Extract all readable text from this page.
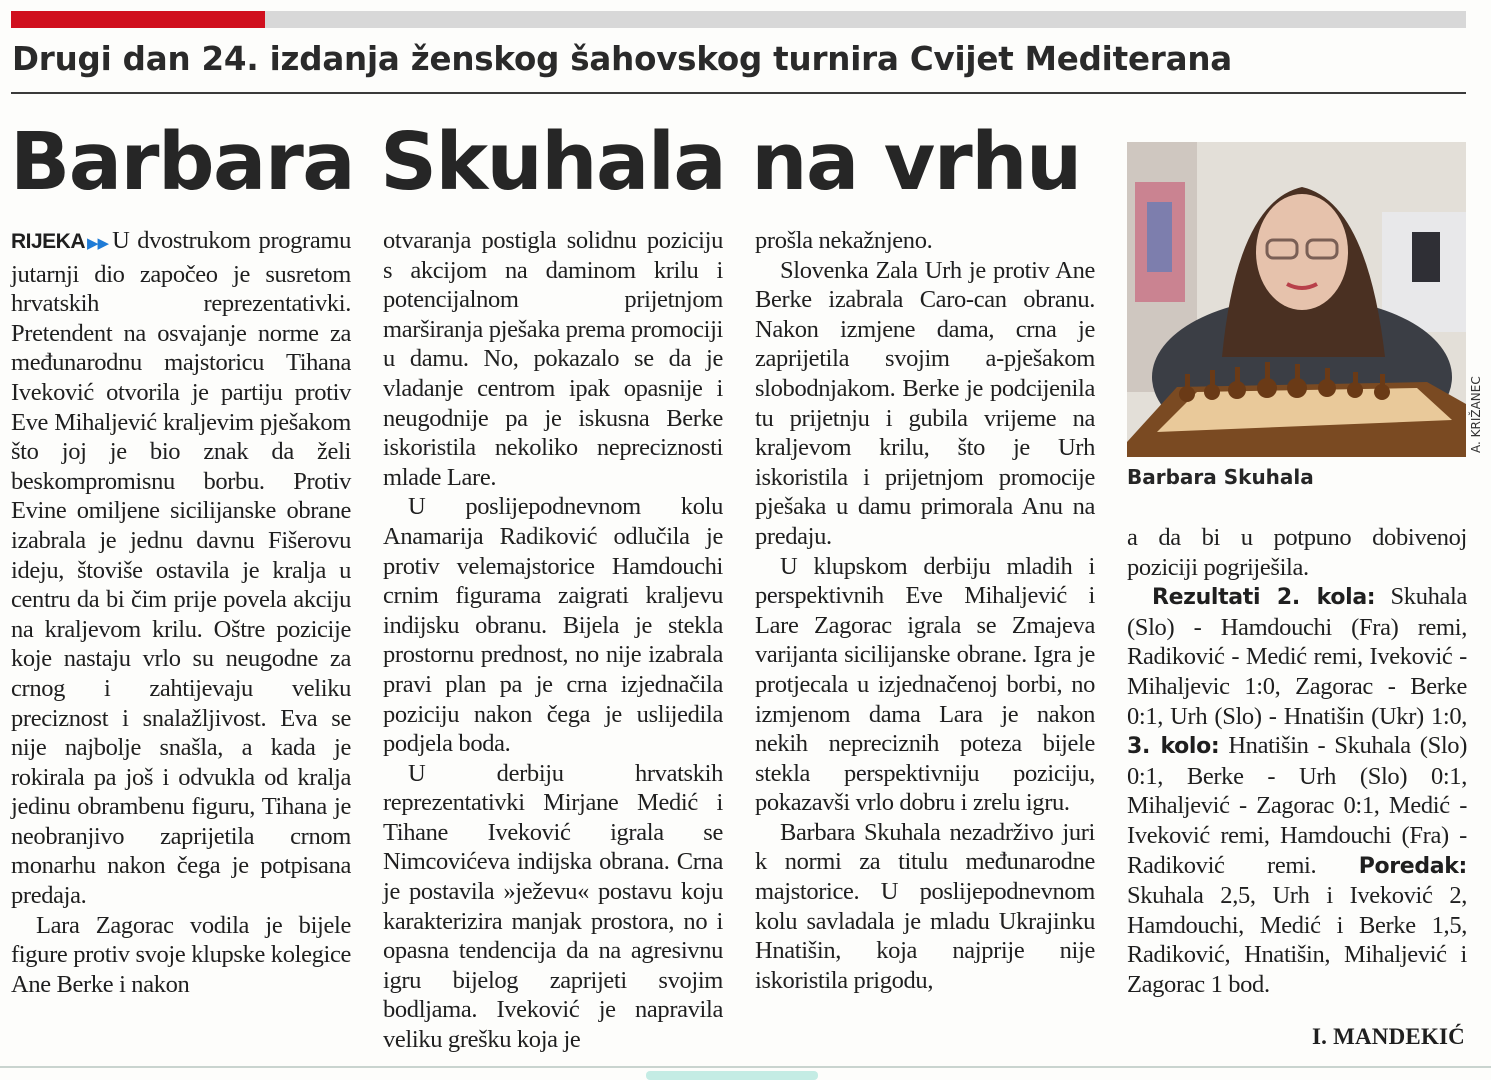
Drugi dan 24. izdanja ženskog šahovskog turnira Cvijet Mediterana
Barbara Skuhala na vrhu

RIJEKA▶▶ U dvostrukom programu jutarnji dio započeo je susretom hrvatskih reprezentativki. Pretendent na osvajanje norme za međunarodnu majstoricu Tihana Iveković otvorila je partiju protiv Eve Mihaljević kraljevim pješakom što joj je bio znak da želi beskompromisnu borbu. Protiv Evine omiljene sicilijanske obrane izabrala je jednu davnu Fišerovu ideju, štoviše ostavila je kralja u centru da bi čim prije povela akciju na kraljevom krilu. Oštre pozicije koje nastaju vrlo su neugodne za crnog i zahtijevaju veliku preciznost i snalažljivost. Eva se nije najbolje snašla, a kada je rokirala pa još i odvukla od kralja jedinu obrambenu figuru, Tihana je neobranjivo zaprijetila crnom monarhu nakon čega je potpisana predaja.

Lara Zagorac vodila je bijele figure protiv svoje klupske kolegice Ane Berke i nakon

otvaranja postigla solidnu poziciju s akcijom na daminom krilu i potencijalnom prijetnjom marširanja pješaka prema promociji u damu. No, pokazalo se da je vladanje centrom ipak opasnije i neugodnije pa je iskusna Berke iskoristila nekoliko nepreciznosti mlade Lare.

U poslijepodnevnom kolu Anamarija Radiković odlučila je protiv velemajstorice Hamdouchi crnim figurama zaigrati kraljevu indijsku obranu. Bijela je stekla prostornu prednost, no nije izabrala pravi plan pa je crna izjednačila poziciju nakon čega je uslijedila podjela boda.

U derbiju hrvatskih reprezentativki Mirjane Medić i Tihane Iveković igrala se Nimcovićeva indijska obrana. Crna je postavila »ježevu« postavu koju karakterizira manjak prostora, no i opasna tendencija da na agresivnu igru bijelog zaprijeti svojim bodljama. Iveković je napravila veliku grešku koja je

prošla nekažnjeno.

Slovenka Zala Urh je protiv Ane Berke izabrala Caro-can obranu. Nakon izmjene dama, crna je zaprijetila svojim a-pješakom slobodnjakom. Berke je podcijenila tu prijetnju i gubila vrijeme na kraljevom krilu, što je Urh iskoristila i prijetnjom promocije pješaka u damu primorala Anu na predaju.

U klupskom derbiju mladih i perspektivnih Eve Mihaljević i Lare Zagorac igrala se Zmajeva varijanta sicilijanske obrane. Igra je protjecala u izjednačenoj borbi, no izmjenom dama Lara je nakon nekih nepreciznih poteza bijele stekla perspektivniju poziciju, pokazavši vrlo dobru i zrelu igru.

Barbara Skuhala nezadrživo juri k normi za titulu međunarodne majstorice. U poslijepodnevnom kolu savladala je mladu Ukrajinku Hnatišin, koja najprije nije iskoristila prigodu,

A. KRIŽANEC
Barbara Skuhala

a da bi u potpuno dobivenoj poziciji pogriješila.

Rezultati 2. kola: Skuhala (Slo) - Hamdouchi (Fra) remi, Radiković - Medić remi, Iveković - Mihaljevic 1:0, Zagorac - Berke 0:1, Urh (Slo) - Hnatišin (Ukr) 1:0, 3. kolo: Hnatišin - Skuhala (Slo) 0:1, Berke - Urh (Slo) 0:1, Mihaljević - Zagorac 0:1, Medić - Iveković remi, Hamdouchi (Fra) - Radiković remi. Poredak: Skuhala 2,5, Urh i Iveković 2, Hamdouchi, Medić i Berke 1,5, Radiković, Hnatišin, Mihaljević i Zagorac 1 bod.

I. MANDEKIĆ
